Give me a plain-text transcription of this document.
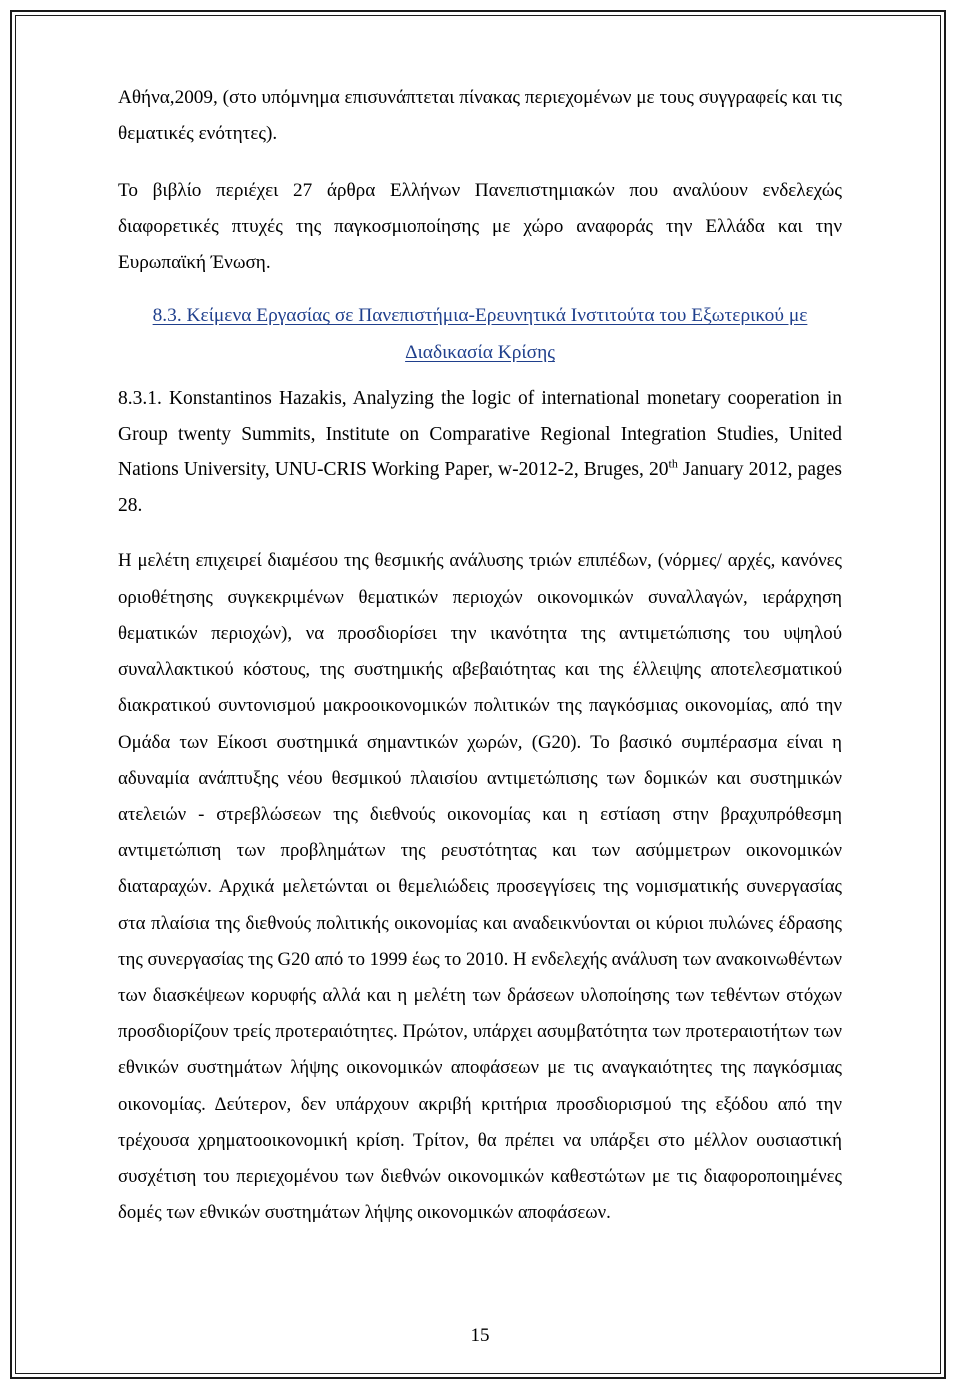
Αθήνα,2009, (στο υπόμνημα επισυνάπτεται πίνακας περιεχομένων με τους συγγραφείς και τις θεματικές ενότητες).

Το βιβλίο περιέχει 27 άρθρα Ελλήνων Πανεπιστημιακών που αναλύουν ενδελεχώς διαφορετικές πτυχές της παγκοσμιοποίησης με χώρο αναφοράς την Ελλάδα και την Ευρωπαϊκή Ένωση.

8.3. Κείμενα Εργασίας σε Πανεπιστήμια-Ερευνητικά Ινστιτούτα του Εξωτερικού με Διαδικασία Κρίσης

8.3.1. Konstantinos Hazakis, Analyzing the logic of international monetary cooperation in Group twenty Summits, Institute on Comparative Regional Integration Studies, United Nations University, UNU-CRIS Working Paper, w-2012-2, Bruges, 20th January 2012, pages 28.

Η μελέτη επιχειρεί διαμέσου της θεσμικής ανάλυσης τριών επιπέδων, (νόρμες/ αρχές, κανόνες οριοθέτησης συγκεκριμένων θεματικών περιοχών οικονομικών συναλλαγών, ιεράρχηση θεματικών περιοχών), να προσδιορίσει την ικανότητα της αντιμετώπισης του υψηλού συναλλακτικού κόστους, της συστημικής αβεβαιότητας και της έλλειψης αποτελεσματικού διακρατικού συντονισμού μακροοικονομικών πολιτικών της παγκόσμιας οικονομίας, από την Ομάδα των Είκοσι συστημικά σημαντικών χωρών, (G20). Το βασικό συμπέρασμα είναι η αδυναμία ανάπτυξης νέου θεσμικού πλαισίου αντιμετώπισης των δομικών και συστημικών ατελειών - στρεβλώσεων της διεθνούς οικονομίας και η εστίαση στην βραχυπρόθεσμη αντιμετώπιση των προβλημάτων της ρευστότητας και των ασύμμετρων οικονομικών διαταραχών. Αρχικά μελετώνται οι θεμελιώδεις προσεγγίσεις της νομισματικής συνεργασίας στα πλαίσια της διεθνούς πολιτικής οικονομίας και αναδεικνύονται οι κύριοι πυλώνες έδρασης της συνεργασίας της G20 από το 1999 έως το 2010. Η ενδελεχής ανάλυση των ανακοινωθέντων των διασκέψεων κορυφής αλλά και η μελέτη των δράσεων υλοποίησης των τεθέντων στόχων προσδιορίζουν τρείς προτεραιότητες. Πρώτον, υπάρχει ασυμβατότητα των προτεραιοτήτων των εθνικών συστημάτων λήψης οικονομικών αποφάσεων με τις αναγκαιότητες της παγκόσμιας οικονομίας. Δεύτερον, δεν υπάρχουν ακριβή κριτήρια προσδιορισμού της εξόδου από την τρέχουσα χρηματοοικονομική κρίση. Τρίτον, θα πρέπει να υπάρξει στο μέλλον ουσιαστική συσχέτιση του περιεχομένου των διεθνών οικονομικών καθεστώτων με τις διαφοροποιημένες δομές των εθνικών συστημάτων λήψης οικονομικών αποφάσεων.

15
